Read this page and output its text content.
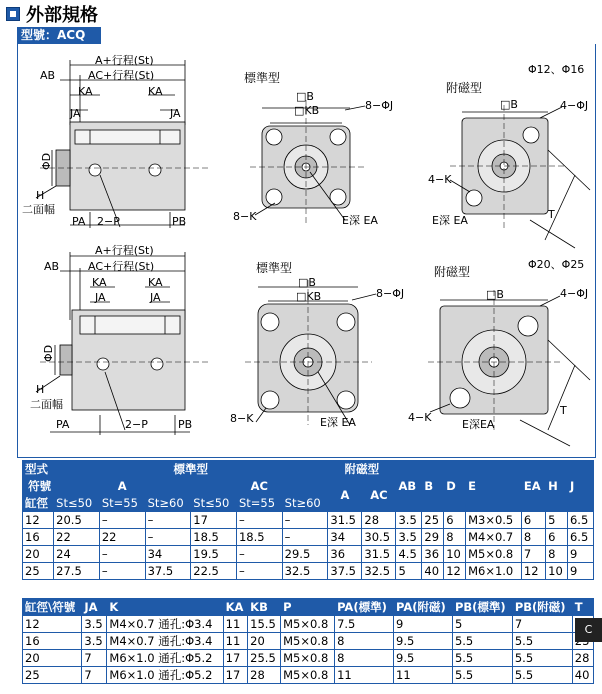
外部規格
型號：ACQ
A+行程(St)
AC+行程(St)
AB
KA	KA
JA	JA
ΦD
H
二面幅
PA 2−P	PB
標準型
□B
□KB	8−ΦJ
8−K	E深 EA
Φ12、Φ16
附磁型
□B	4−ΦJ
4−K
E深 EA	T
A+行程(St)
AC+行程(St)
AB
KA	KA
JA	JA
ΦD
H
二面幅
PA	2−P	PB
標準型
□B
□KB	8−ΦJ
8−K	E深 EA
Φ20、Φ25
附磁型
□B	4−ΦJ
4−K
E深EA
T
型式	標準型						附磁型		AB	B	D	E	EA	H	J
符號	A			AC			A	AC							
缸徑	St≤50	St=55	St≥60	St≤50	St=55	St≥60									
12	20.5	–	–	17	–	–	31.5	28	3.5	25	6	M3×0.5	6	5	6.5
16	22	22	–	18.5	18.5	–	34	30.5	3.5	29	8	M4×0.7	8	6	6.5
20	24	–	34	19.5	–	29.5	36	31.5	4.5	36	10	M5×0.8	7	8	9
25	27.5	–	37.5	22.5	–	32.5	37.5	32.5	5	40	12	M6×1.0	12	10	9
缸徑\符號	JA	K	KA	KB	P	PA(標準)	PA(附磁)	PB(標準)	PB(附磁)	T
12	3.5	M4×0.7 通孔:Φ3.4	11	15.5	M5×0.8	7.5	9	5	7	
16	3.5	M4×0.7 通孔:Φ3.4	11	20	M5×0.8	8	9.5	5.5	5.5	
20	7	M6×1.0 通孔:Φ5.2	17	25.5	M5×0.8	8	9.5	5.5	5.5	28
25	7	M6×1.0 通孔:Φ5.2	17	28	M5×0.8	11	11	5.5	5.5	40
C
